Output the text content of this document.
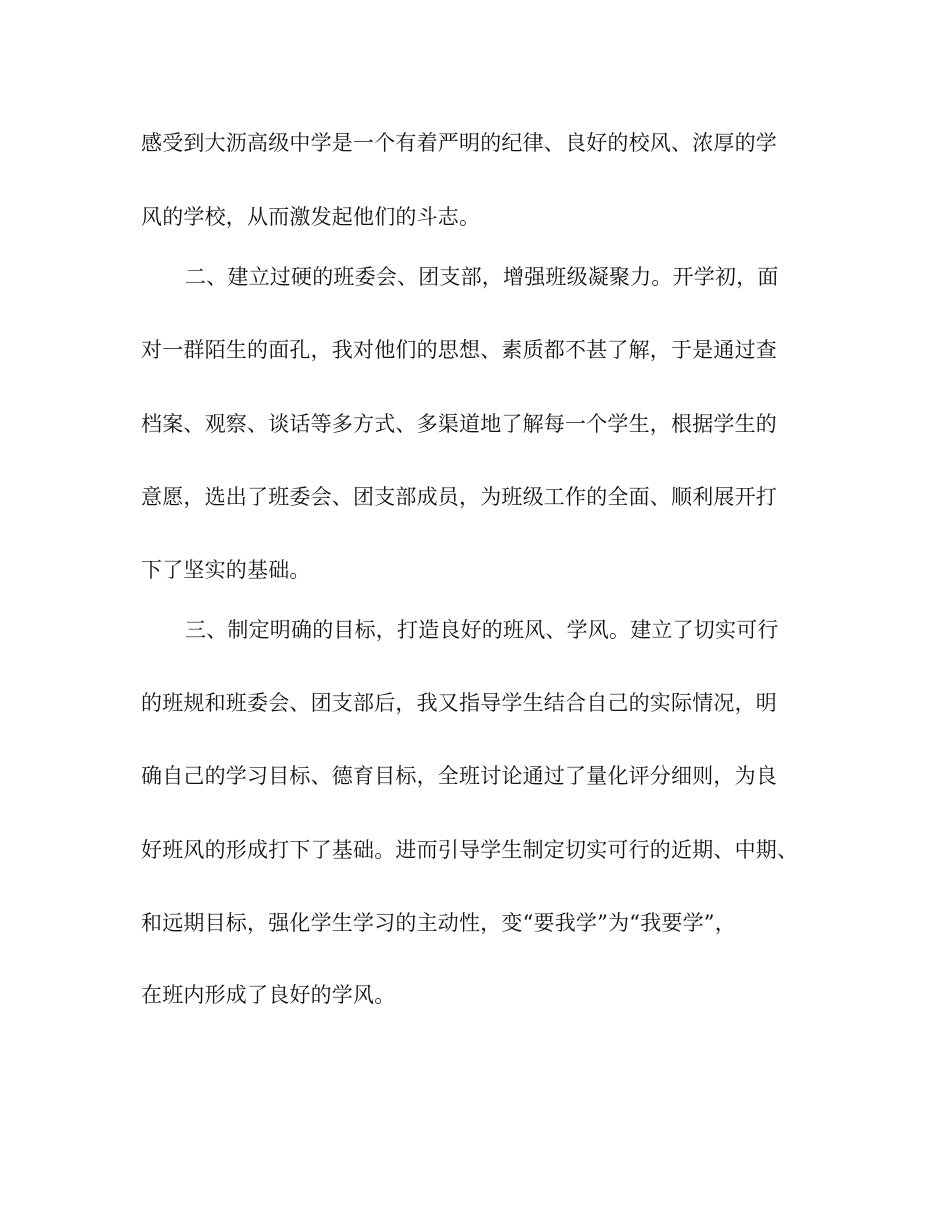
感受到大沥高级中学是一个有着严明的纪律、良好的校风、浓厚的学
风的学校，从而激发起他们的斗志。
二、建立过硬的班委会、团支部，增强班级凝聚力。开学初，面
对一群陌生的面孔，我对他们的思想、素质都不甚了解，于是通过查
档案、观察、谈话等多方式、多渠道地了解每一个学生，根据学生的
意愿，选出了班委会、团支部成员，为班级工作的全面、顺利展开打
下了坚实的基础。
三、制定明确的目标，打造良好的班风、学风。建立了切实可行
的班规和班委会、团支部后，我又指导学生结合自己的实际情况，明
确自己的学习目标、德育目标，全班讨论通过了量化评分细则，为良
好班风的形成打下了基础。进而引导学生制定切实可行的近期、中期、
和远期目标，强化学生学习的主动性，变“要我学”为“我要学”，
在班内形成了良好的学风。
